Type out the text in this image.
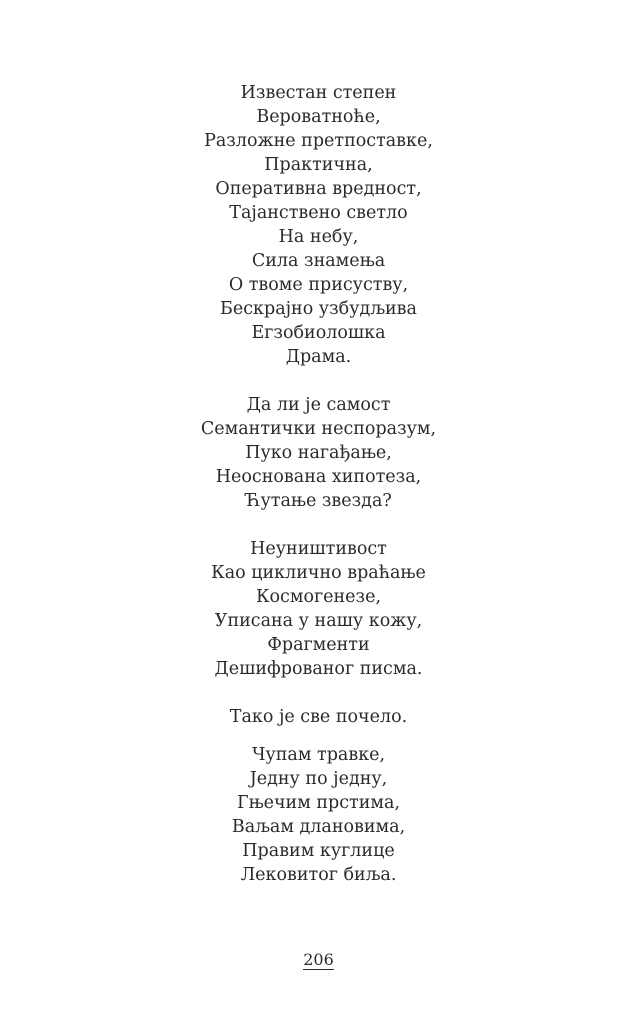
Известан степен
Вероватноће,
Разложне претпоставке,
Практична,
Оперативна вредност,
Тајанствено светло
На небу,
Сила знамења
О твоме присуству,
Бескрајно узбудљива
Егзобиолошка
Драма.
Да ли је самост
Семантички неспоразум,
Пуко нагађање,
Неоснована хипотеза,
Ћутање звезда?
Неуништивост
Као циклично враћање
Космогенезе,
Уписана у нашу кожу,
Фрагменти
Дешифрованог писма.
Тако је све почело.
Чупам травке,
Једну по једну,
Гњечим прстима,
Ваљам длановима,
Правим куглице
Лековитог биља.
206
